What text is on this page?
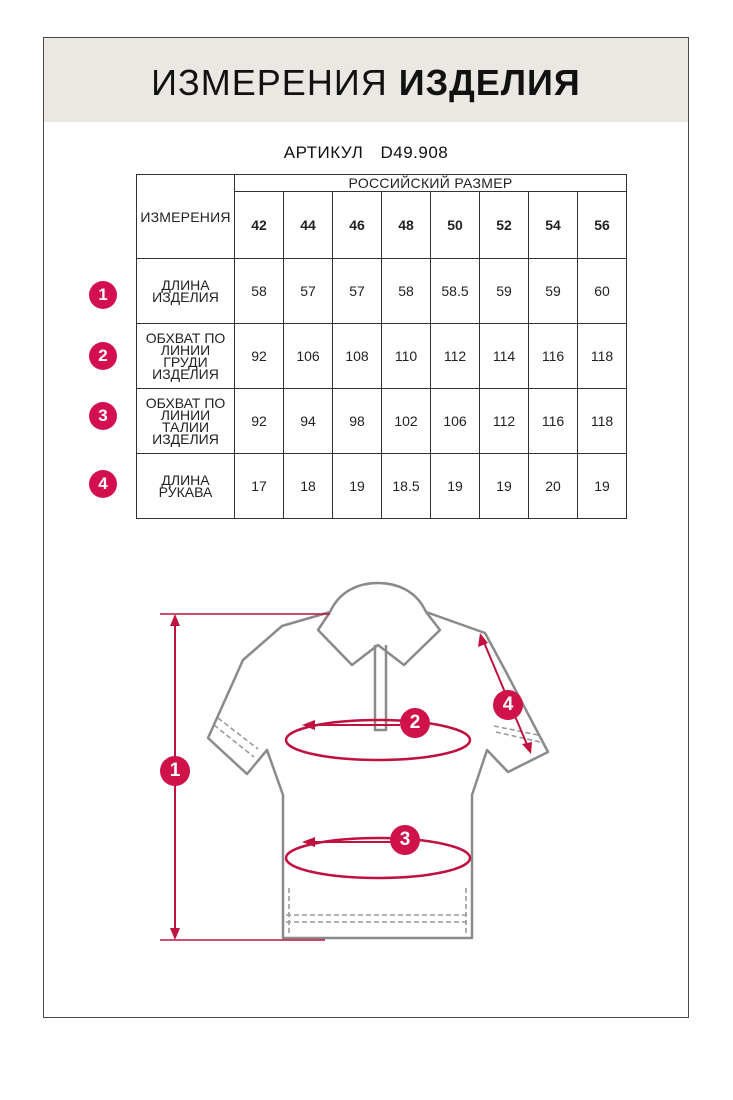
ИЗМЕРЕНИЯ ИЗДЕЛИЯ
АРТИКУЛ D49.908
ИЗМЕРЕНИЯ	РОССИЙСКИЙ РАЗМЕР							
	42	44	46	48	50	52	54	56
ДЛИНА ИЗДЕЛИЯ	58	57	57	58	58.5	59	59	60
ОБХВАТ ПО ЛИНИИ ГРУДИ ИЗДЕЛИЯ	92	106	108	110	112	114	116	118
ОБХВАТ ПО ЛИНИИ ТАЛИИ ИЗДЕЛИЯ	92	94	98	102	106	112	116	118
ДЛИНА РУКАВА	17	18	19	18.5	19	19	20	19
1
2
3
4
1
2
3
4
